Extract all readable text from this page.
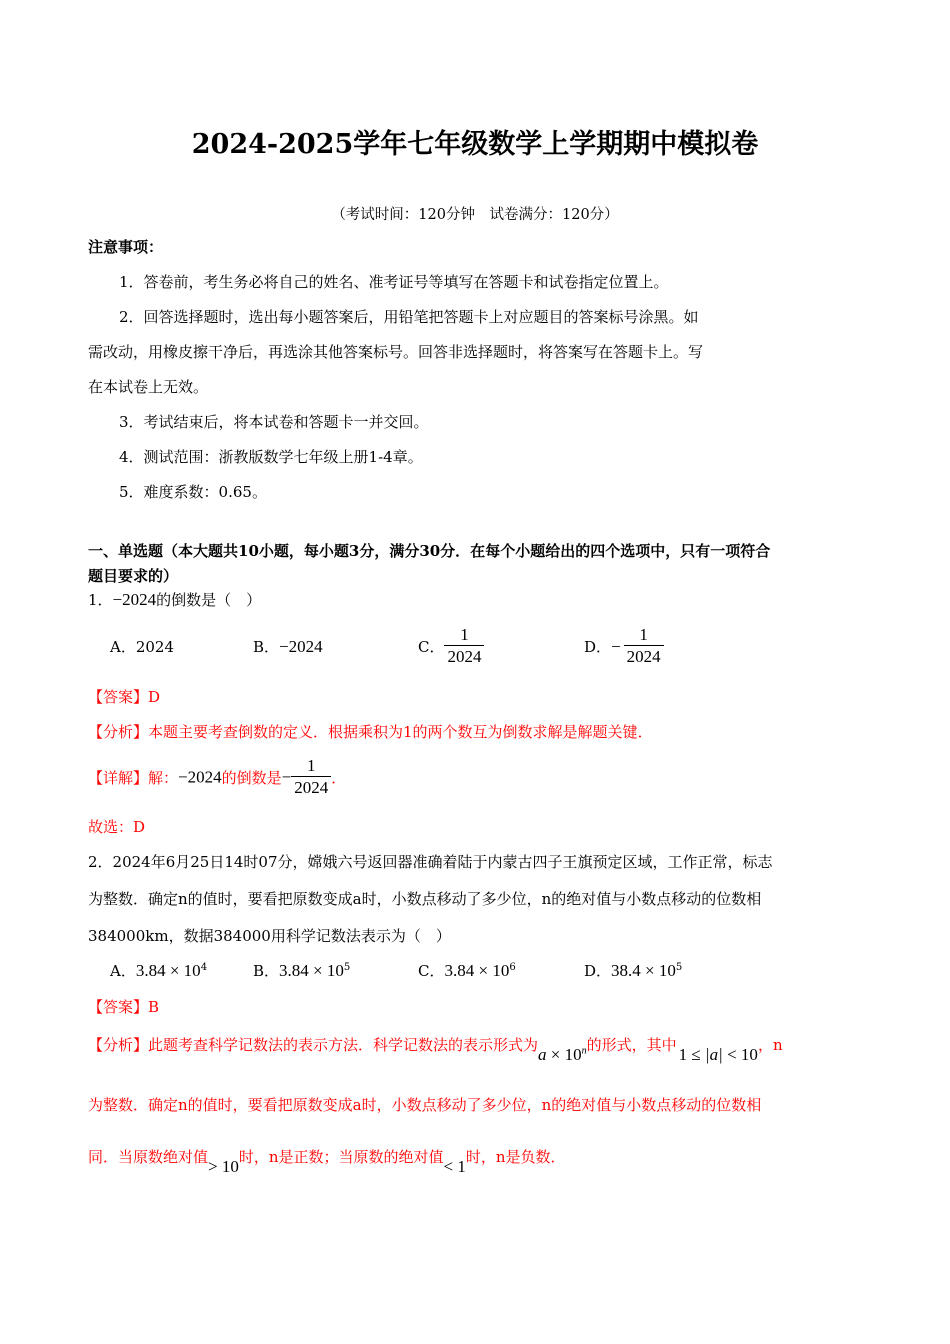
2024-2025学年七年级数学上学期期中模拟卷
（考试时间：120分钟　试卷满分：120分）
注意事项：
1．答卷前，考生务必将自己的姓名、准考证号等填写在答题卡和试卷指定位置上。
2．回答选择题时，选出每小题答案后，用铅笔把答题卡上对应题目的答案标号涂黑。如
需改动，用橡皮擦干净后，再选涂其他答案标号。回答非选择题时，将答案写在答题卡上。写
在本试卷上无效。
3．考试结束后，将本试卷和答题卡一并交回。
4．测试范围：浙教版数学七年级上册1-4章。
5．难度系数：0.65。
一、单选题（本大题共10小题，每小题3分，满分30分．在每个小题给出的四个选项中，只有一项符合
题目要求的）
1．−2024的倒数是（　）
A．2024	B．−2024	C． $\frac{1}{2024}$	D．− $\frac{1}{2024}$
【答案】D
【分析】本题主要考查倒数的定义．根据乘积为1的两个数互为倒数求解是解题关键．
【详解】解：−2024的倒数是− $\frac{1}{2024}$ ．
故选：D
2．2024年6月25日14时07分，嫦娥六号返回器准确着陆于内蒙古四子王旗预定区域，工作正常，标志
为整数．确定n的值时，要看把原数变成a时，小数点移动了多少位，n的绝对值与小数点移动的位数相
384000km，数据384000用科学记数法表示为（　）
A．$3.84 \times 10^4$	B．$3.84 \times 10^5$	C．$3.84 \times 10^6$	D．$38.4 \times 10^5$
【答案】B
【分析】此题考查科学记数法的表示方法．科学记数法的表示形式为$a \times 10^n$的形式，其中 1 ≤ |a| < 10，n
为整数．确定n的值时，要看把原数变成a时，小数点移动了多少位，n的绝对值与小数点移动的位数相
同．当原数绝对值> 10时，n是正数；当原数的绝对值< 1时，n是负数．
